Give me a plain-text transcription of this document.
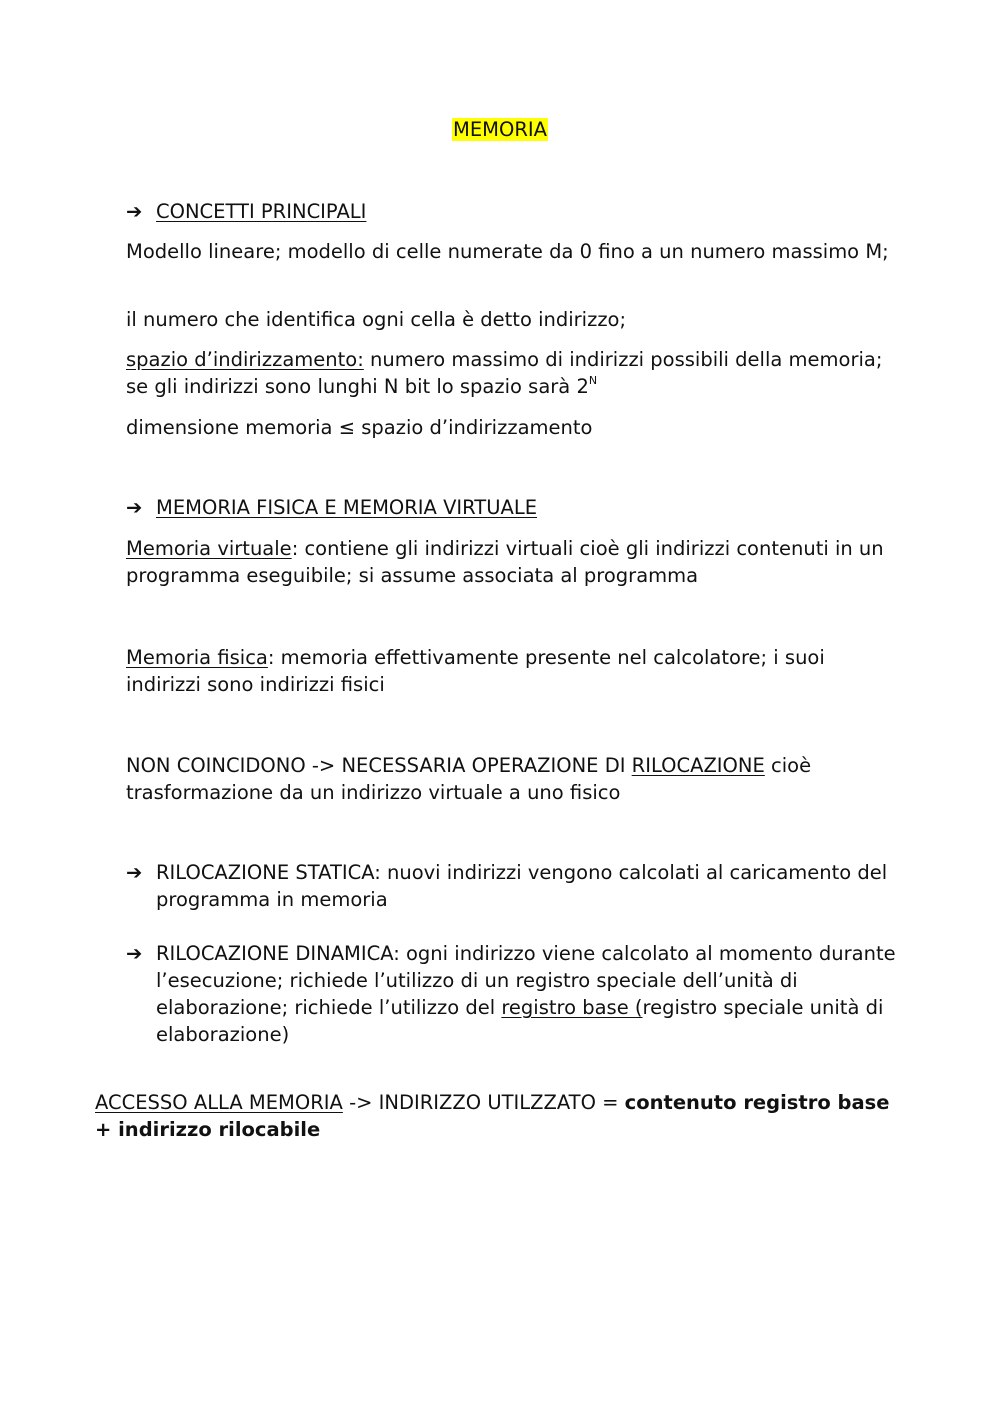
MEMORIA
➔ CONCETTI PRINCIPALI

Modello lineare; modello di celle numerate da 0 fino a un numero massimo M;

il numero che identifica ogni cella è detto indirizzo;

spazio d’indirizzamento: numero massimo di indirizzi possibili della memoria; se gli indirizzi sono lunghi N bit lo spazio sarà $2^N$

dimensione memoria ≤ spazio d’indirizzamento

➔ MEMORIA FISICA E MEMORIA VIRTUALE

Memoria virtuale: contiene gli indirizzi virtuali cioè gli indirizzi contenuti in un programma eseguibile; si assume associata al programma

Memoria fisica: memoria effettivamente presente nel calcolatore; i suoi indirizzi sono indirizzi fisici

NON COINCIDONO -> NECESSARIA OPERAZIONE DI RILOCAZIONE cioè trasformazione da un indirizzo virtuale a uno fisico

➔ RILOCAZIONE STATICA: nuovi indirizzi vengono calcolati al caricamento del programma in memoria
➔ RILOCAZIONE DINAMICA: ogni indirizzo viene calcolato al momento durante l’esecuzione; richiede l’utilizzo di un registro speciale dell’unità di elaborazione; richiede l’utilizzo del registro base (registro speciale unità di elaborazione)

ACCESSO ALLA MEMORIA -> INDIRIZZO UTILZZATO = contenuto registro base + indirizzo rilocabile
